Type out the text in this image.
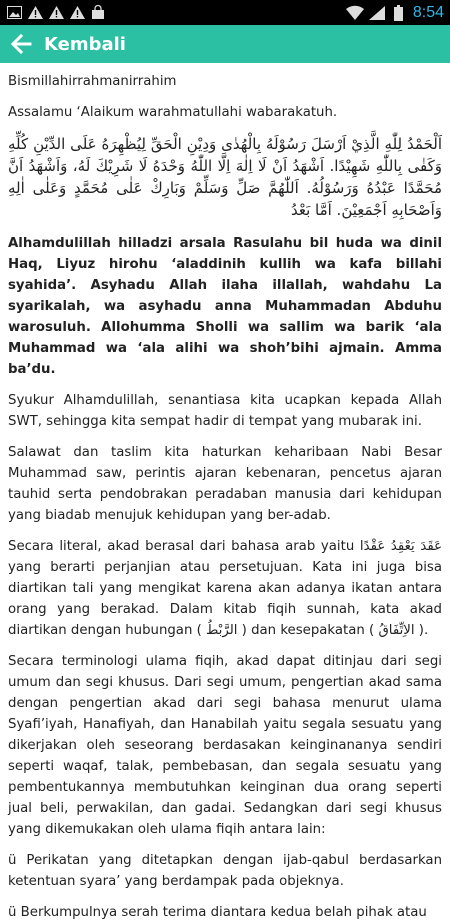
8:54
Kembali

Bismillahirrahmanirrahim

Assalamu ‘Alaikum warahmatullahi wabarakatuh.

اَلْحَمْدُ لِلّٰهِ الَّذِيْ اَرْسَلَ رَسُوْلَهُ بِالْهُدٰى وَدِيْنِ الْحَقِّ لِيُظْهِرَهُ عَلَى الدِّيْنِ كُلِّهِ وَكَفٰى بِاللّٰهِ شَهِيْدًا. اَشْهَدُ اَنْ لَا اِلٰهَ اِلَّا اللّٰهُ وَحْدَهُ لَا شَرِيْكَ لَهُ، وَاَشْهَدُ اَنَّ مُحَمَّدًا عَبْدُهُ وَرَسُوْلُهُ. اَللّٰهُمَّ صَلِّ وَسَلِّمْ وَبَارِكْ عَلٰى مُحَمَّدٍ وَعَلٰى اٰلِهِ وَاَصْحَابِهِ اَجْمَعِيْنَ. اَمَّا بَعْدُ

Alhamdulillah hilladzi arsala Rasulahu bil huda wa dinil Haq, Liyuz hirohu ‘aladdinih kullih wa kafa billahi syahida’. Asyhadu Allah ilaha illallah, wahdahu La syarikalah, wa asyhadu anna Muhammadan Abduhu warosuluh. Allohumma Sholli wa sallim wa barik ‘ala Muhammad wa ‘ala alihi wa shoh’bihi ajmain. Amma ba’du.

Syukur Alhamdulillah, senantiasa kita ucapkan kepada Allah SWT, sehingga kita sempat hadir di tempat yang mubarak ini.

Salawat dan taslim kita haturkan keharibaan Nabi Besar Muhammad saw, perintis ajaran kebenaran, pencetus ajaran tauhid serta pendobrakan peradaban manusia dari kehidupan yang biadab menujuk kehidupan yang ber-adab.

Secara literal, akad berasal dari bahasa arab yaitu عَقَدَ يَعْقِدُ عَقْدًا yang berarti perjanjian atau persetujuan. Kata ini juga bisa diartikan tali yang mengikat karena akan adanya ikatan antara orang yang berakad. Dalam kitab fiqih sunnah, kata akad diartikan dengan hubungan ( الرَّبْطُ ) dan kesepakatan ( الاِتِّفَاقُ ).

Secara terminologi ulama fiqih, akad dapat ditinjau dari segi umum dan segi khusus. Dari segi umum, pengertian akad sama dengan pengertian akad dari segi bahasa menurut ulama Syafi’iyah, Hanafiyah, dan Hanabilah yaitu segala sesuatu yang dikerjakan oleh seseorang berdasakan keinginananya sendiri seperti waqaf, talak, pembebasan, dan segala sesuatu yang pembentukannya membutuhkan keinginan dua orang seperti jual beli, perwakilan, dan gadai. Sedangkan dari segi khusus yang dikemukakan oleh ulama fiqih antara lain:

ü Perikatan yang ditetapkan dengan ijab-qabul berdasarkan ketentuan syara’ yang berdampak pada objeknya.

ü Berkumpulnya serah terima diantara kedua belah pihak atau
